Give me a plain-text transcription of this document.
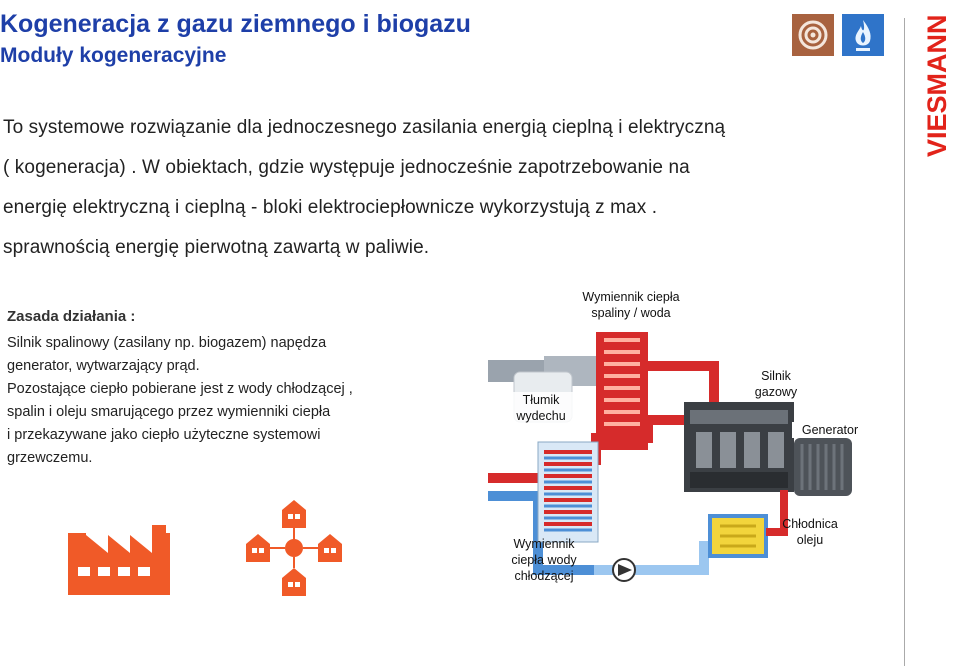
Kogeneracja z gazu ziemnego i biogazu
Moduły kogeneracyjne	VIESMANN
To systemowe rozwiązanie dla jednoczesnego zasilania energią cieplną i elektryczną
( kogeneracja) . W obiektach, gdzie występuje jednocześnie zapotrzebowanie na
energię elektryczną i cieplną - bloki elektrociepłownicze wykorzystują z max .
sprawnością energię pierwotną zawartą w paliwie.
Zasada działania :
Silnik spalinowy (zasilany np. biogazem) napędza
generator, wytwarzający prąd.
Pozostające ciepło pobierane jest z wody chłodzącej ,
spalin i oleju smarującego przez wymienniki ciepła
i przekazywane jako ciepło użyteczne systemowi
grzewczemu.
Wymiennik ciepła
spaliny / woda
Tłumik
wydechu
Silnik
gazowy
Generator
Wymiennik
ciepła wody
chłodzącej
Chłodnica
oleju
